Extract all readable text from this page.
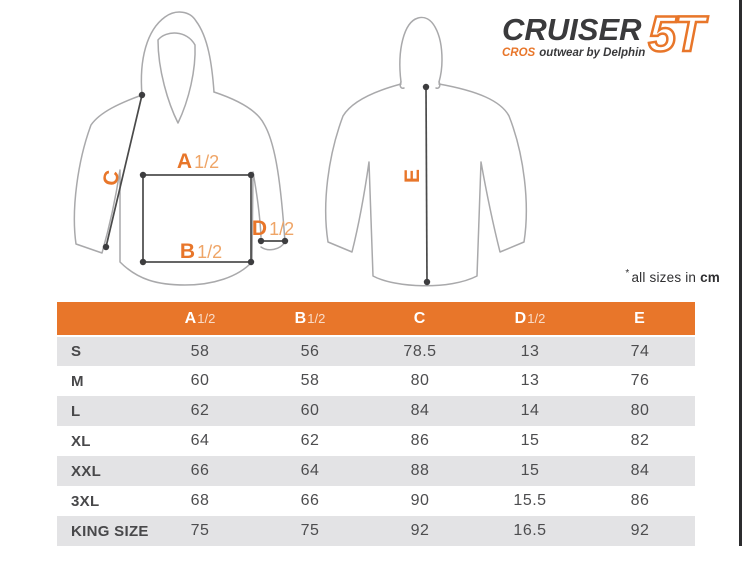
A 1/2
B 1/2
C
D 1/2
E
CRUISER
CROS outwear by Delphin 5T
* all sizes in cm
	A1/2	B1/2	C	D1/2	E
S	58	56	78.5	13	74
M	60	58	80	13	76
L	62	60	84	14	80
XL	64	62	86	15	82
XXL	66	64	88	15	84
3XL	68	66	90	15.5	86
KING SIZE	75	75	92	16.5	92
